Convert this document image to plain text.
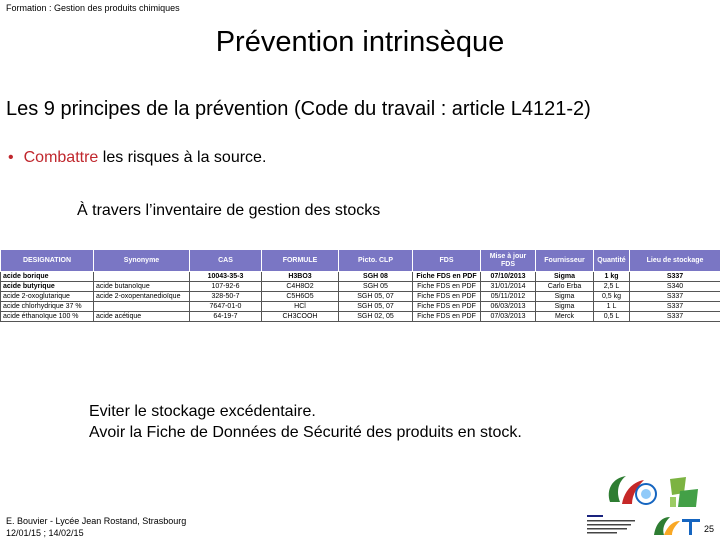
Formation : Gestion des produits chimiques
Prévention intrinsèque
Les 9 principes de la prévention (Code du travail : article L4121-2)
• Combattre les risques à la source.
À travers l’inventaire de gestion des stocks
DESIGNATION	Synonyme	CAS	FORMULE	Picto. CLP	FDS	Mise à jour FDS	Fournisseur	Quantité	Lieu de stockage
acide borique		10043-35-3	H3BO3	SGH 08	Fiche FDS en PDF	07/10/2013	Sigma	1 kg	S337
acide butyrique	acide butanoïque	107-92-6	C4H8O2	SGH 05	Fiche FDS en PDF	31/01/2014	Carlo Erba	2,5 L	S340
acide 2-oxoglutarique	acide 2-oxopentanedioïque	328-50-7	C5H6O5	SGH 05, 07	Fiche FDS en PDF	05/11/2012	Sigma	0,5 kg	S337
acide chlorhydrique 37 %		7647-01-0	HCl	SGH 05, 07	Fiche FDS en PDF	06/03/2013	Sigma	1 L	S337
acide éthanoïque 100 %	acide acétique	64-19-7	CH3COOH	SGH 02, 05	Fiche FDS en PDF	07/03/2013	Merck	0,5 L	S337
Eviter le stockage excédentaire.
Avoir la Fiche de Données de Sécurité des produits en stock.
E. Bouvier - Lycée Jean Rostand, Strasbourg
12/01/15 ; 14/02/15	25
